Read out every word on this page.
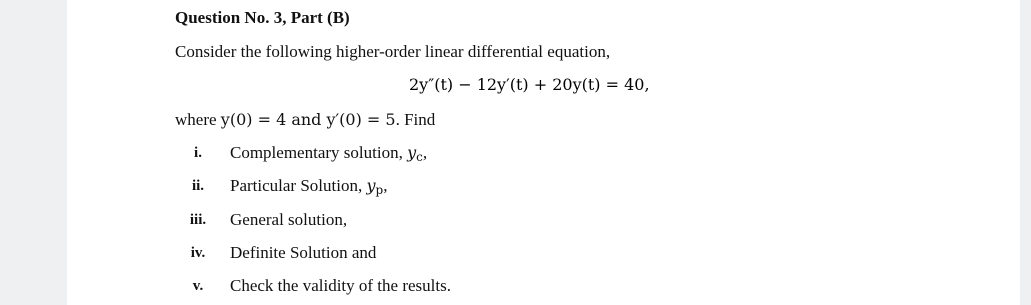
Question No. 3, Part (B)
Consider the following higher-order linear differential equation,
2y″(t) − 12y′(t) + 20y(t) = 40,
where y(0) = 4 and y′(0) = 5. Find
i.	Complementary solution, $y_c$,
ii.	Particular Solution, $y_p$,
iii.	General solution,
iv.	Definite Solution and
v.	Check the validity of the results.
